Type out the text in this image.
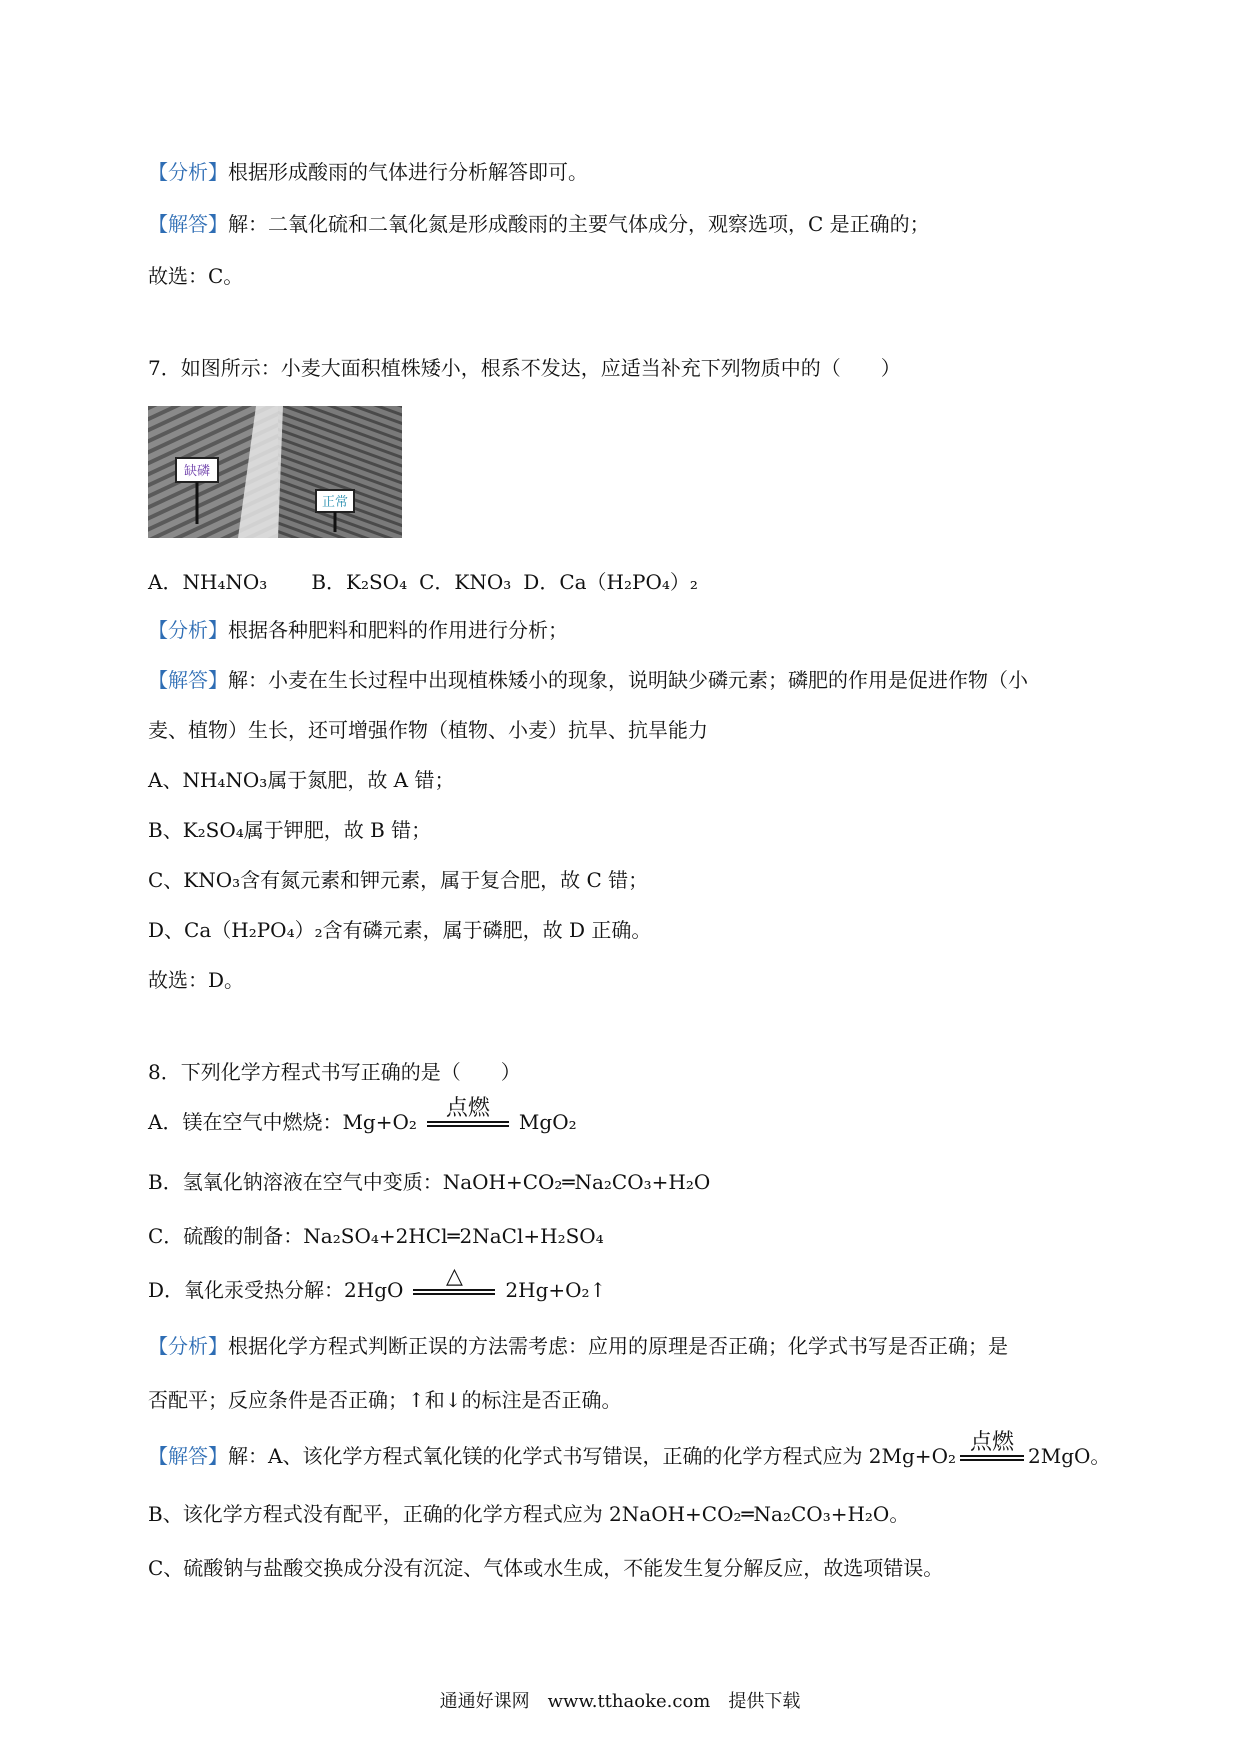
【分析】根据形成酸雨的气体进行分析解答即可。
【解答】解：二氧化硫和二氧化氮是形成酸雨的主要气体成分，观察选项，C 是正确的；
故选：C。
7．如图所示：小麦大面积植株矮小，根系不发达，应适当补充下列物质中的（　　）
缺磷
正常
A．NH₄NO₃ B．K₂SO₄ C．KNO₃ D．Ca（H₂PO₄）₂
【分析】根据各种肥料和肥料的作用进行分析；
【解答】解：小麦在生长过程中出现植株矮小的现象，说明缺少磷元素；磷肥的作用是促进作物（小
麦、植物）生长，还可增强作物（植物、小麦）抗旱、抗旱能力
A、NH₄NO₃属于氮肥，故 A 错；
B、K₂SO₄属于钾肥，故 B 错；
C、KNO₃含有氮元素和钾元素，属于复合肥，故 C 错；
D、Ca（H₂PO₄）₂含有磷元素，属于磷肥，故 D 正确。
故选：D。
8．下列化学方程式书写正确的是（　　）
A．镁在空气中燃烧：Mg+O₂
点燃
MgO₂
B．氢氧化钠溶液在空气中变质：NaOH+CO₂═Na₂CO₃+H₂O
C．硫酸的制备：Na₂SO₄+2HCl═2NaCl+H₂SO₄
D．氧化汞受热分解：2HgO
△
2Hg+O₂↑
【分析】根据化学方程式判断正误的方法需考虑：应用的原理是否正确；化学式书写是否正确；是
否配平；反应条件是否正确；↑和↓的标注是否正确。
【解答】解：A、该化学方程式氧化镁的化学式书写错误，正确的化学方程式应为 2Mg+O₂
点燃
2MgO。
B、该化学方程式没有配平，正确的化学方程式应为 2NaOH+CO₂═Na₂CO₃+H₂O。
C、硫酸钠与盐酸交换成分没有沉淀、气体或水生成，不能发生复分解反应，故选项错误。
通通好课网　www.tthaoke.com　提供下载
